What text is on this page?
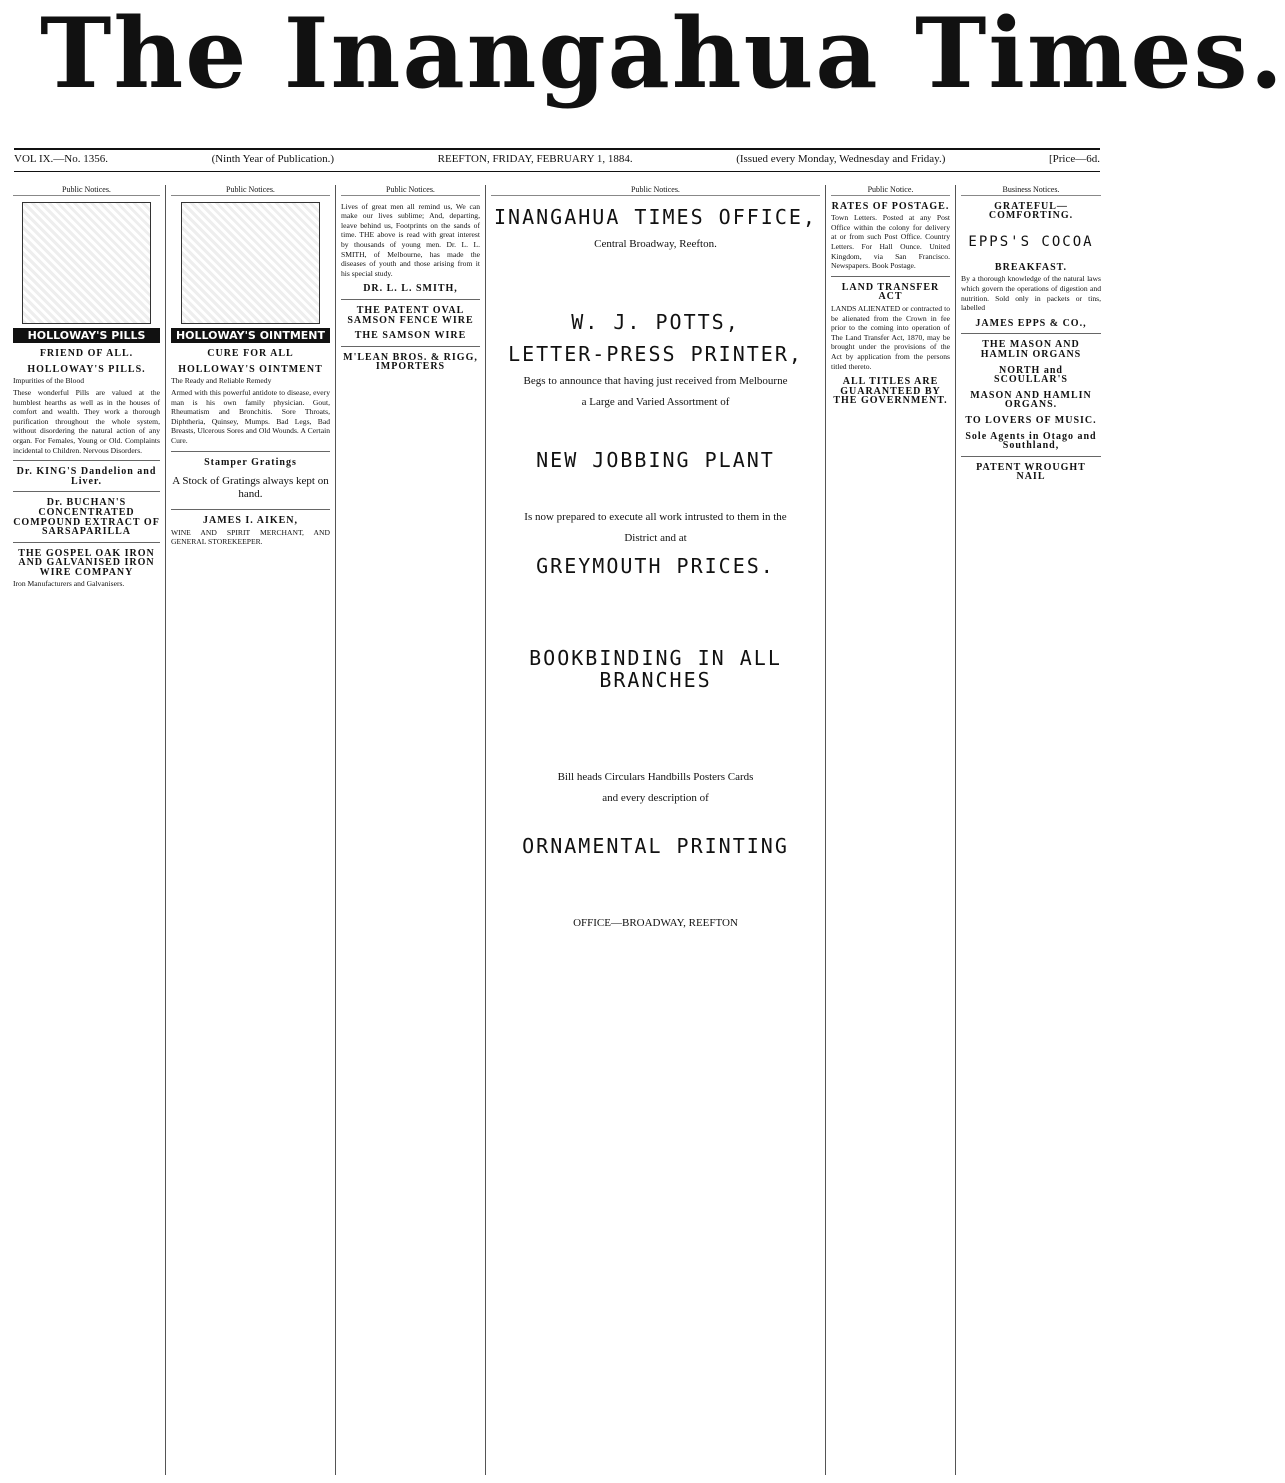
The Inangahua Times.
VOL IX.—No. 1356.	(Ninth Year of Publication.)	REEFTON, FRIDAY, FEBRUARY 1, 1884.	(Issued every Monday, Wednesday and Friday.)	[Price—6d.
Public Notices.
HOLLOWAY'S PILLS
FRIEND OF ALL.
HOLLOWAY'S PILLS.

Impurities of the Blood

These wonderful Pills are valued at the humblest hearths as well as in the houses of comfort and wealth. They work a thorough purification throughout the whole system, without disordering the natural action of any organ. For Females, Young or Old. Complaints incidental to Children. Nervous Disorders.

Dr. KING'S Dandelion and Liver.
Dr. BUCHAN'S CONCENTRATED COMPOUND EXTRACT OF SARSAPARILLA
THE GOSPEL OAK IRON AND GALVANISED IRON WIRE COMPANY

Iron Manufacturers and Galvanisers.

Public Notices.
HOLLOWAY'S OINTMENT
CURE FOR ALL
HOLLOWAY'S OINTMENT

The Ready and Reliable Remedy

Armed with this powerful antidote to disease, every man is his own family physician. Gout, Rheumatism and Bronchitis. Sore Throats, Diphtheria, Quinsey, Mumps. Bad Legs, Bad Breasts, Ulcerous Sores and Old Wounds. A Certain Cure.

Stamper Gratings
A Stock of Gratings always kept on hand.
JAMES I. AIKEN,

WINE AND SPIRIT MERCHANT, AND GENERAL STOREKEEPER.

Public Notices.

Lives of great men all remind us, We can make our lives sublime; And, departing, leave behind us, Footprints on the sands of time. THE above is read with great interest by thousands of young men. Dr. L. L. SMITH, of Melbourne, has made the diseases of youth and those arising from it his special study.

DR. L. L. SMITH,
THE PATENT OVAL SAMSON FENCE WIRE
THE SAMSON WIRE
M'LEAN BROS. & RIGG, IMPORTERS
Public Notices.
INANGAHUA TIMES OFFICE,
Central Broadway, Reefton.
W. J. POTTS,
LETTER-PRESS PRINTER,
Begs to announce that having just received from Melbourne
a Large and Varied Assortment of
NEW JOBBING PLANT
Is now prepared to execute all work intrusted to them in the
District and at
GREYMOUTH PRICES.
BOOKBINDING IN ALL BRANCHES
Bill heads Circulars Handbills Posters Cards
and every description of
ORNAMENTAL PRINTING
OFFICE—BROADWAY, REEFTON
Public Notice.
RATES OF POSTAGE.

Town Letters. Posted at any Post Office within the colony for delivery at or from such Post Office. Country Letters. For Hall Ounce. United Kingdom, via San Francisco. Newspapers. Book Postage.

LAND TRANSFER ACT

LANDS ALIENATED or contracted to be alienated from the Crown in fee prior to the coming into operation of The Land Transfer Act, 1870, may be brought under the provisions of the Act by application from the persons titled thereto.

ALL TITLES ARE GUARANTEED BY THE GOVERNMENT.
Business Notices.
GRATEFUL—COMFORTING.
EPPS'S COCOA
BREAKFAST.

By a thorough knowledge of the natural laws which govern the operations of digestion and nutrition. Sold only in packets or tins, labelled

JAMES EPPS & CO.,
THE MASON AND HAMLIN ORGANS
NORTH and SCOULLAR'S
MASON AND HAMLIN ORGANS.
TO LOVERS OF MUSIC.
Sole Agents in Otago and Southland,
PATENT WROUGHT NAIL
